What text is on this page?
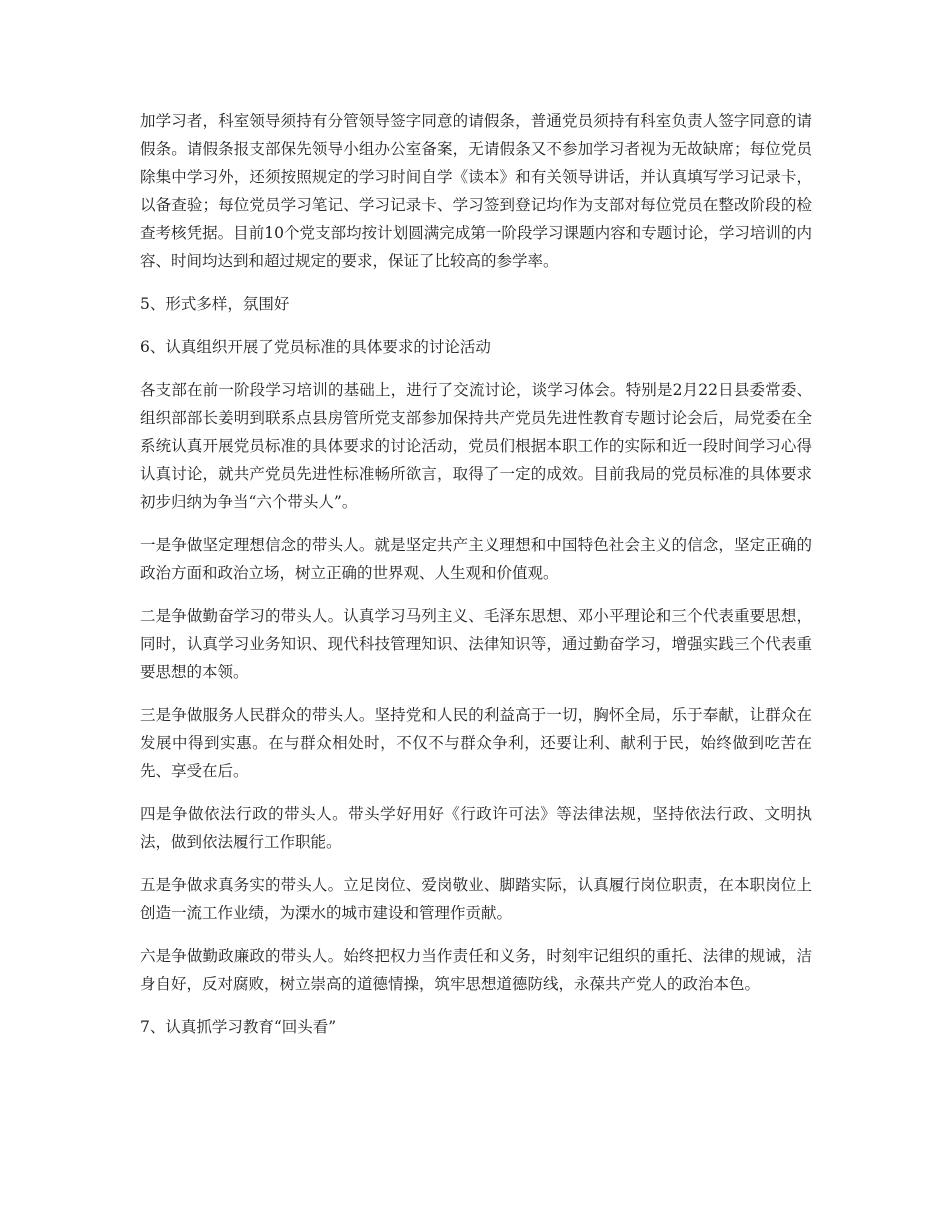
加学习者，科室领导须持有分管领导签字同意的请假条，普通党员须持有科室负责人签字同意的请假条。请假条报支部保先领导小组办公室备案，无请假条又不参加学习者视为无故缺席；每位党员除集中学习外，还须按照规定的学习时间自学《读本》和有关领导讲话，并认真填写学习记录卡，以备查验；每位党员学习笔记、学习记录卡、学习签到登记均作为支部对每位党员在整改阶段的检查考核凭据。目前10个党支部均按计划圆满完成第一阶段学习课题内容和专题讨论，学习培训的内容、时间均达到和超过规定的要求，保证了比较高的参学率。

5、形式多样，氛围好

6、认真组织开展了党员标准的具体要求的讨论活动

各支部在前一阶段学习培训的基础上，进行了交流讨论，谈学习体会。特别是2月22日县委常委、组织部部长姜明到联系点县房管所党支部参加保持共产党员先进性教育专题讨论会后，局党委在全系统认真开展党员标准的具体要求的讨论活动，党员们根据本职工作的实际和近一段时间学习心得认真讨论，就共产党员先进性标准畅所欲言，取得了一定的成效。目前我局的党员标准的具体要求初步归纳为争当“六个带头人”。

一是争做坚定理想信念的带头人。就是坚定共产主义理想和中国特色社会主义的信念，坚定正确的政治方面和政治立场，树立正确的世界观、人生观和价值观。

二是争做勤奋学习的带头人。认真学习马列主义、毛泽东思想、邓小平理论和三个代表重要思想，同时，认真学习业务知识、现代科技管理知识、法律知识等，通过勤奋学习，增强实践三个代表重要思想的本领。

三是争做服务人民群众的带头人。坚持党和人民的利益高于一切，胸怀全局，乐于奉献，让群众在发展中得到实惠。在与群众相处时，不仅不与群众争利，还要让利、献利于民，始终做到吃苦在先、享受在后。

四是争做依法行政的带头人。带头学好用好《行政许可法》等法律法规，坚持依法行政、文明执法，做到依法履行工作职能。

五是争做求真务实的带头人。立足岗位、爱岗敬业、脚踏实际，认真履行岗位职责，在本职岗位上创造一流工作业绩，为溧水的城市建设和管理作贡献。

六是争做勤政廉政的带头人。始终把权力当作责任和义务，时刻牢记组织的重托、法律的规诫，洁身自好，反对腐败，树立崇高的道德情操，筑牢思想道德防线，永葆共产党人的政治本色。

7、认真抓学习教育“回头看”
